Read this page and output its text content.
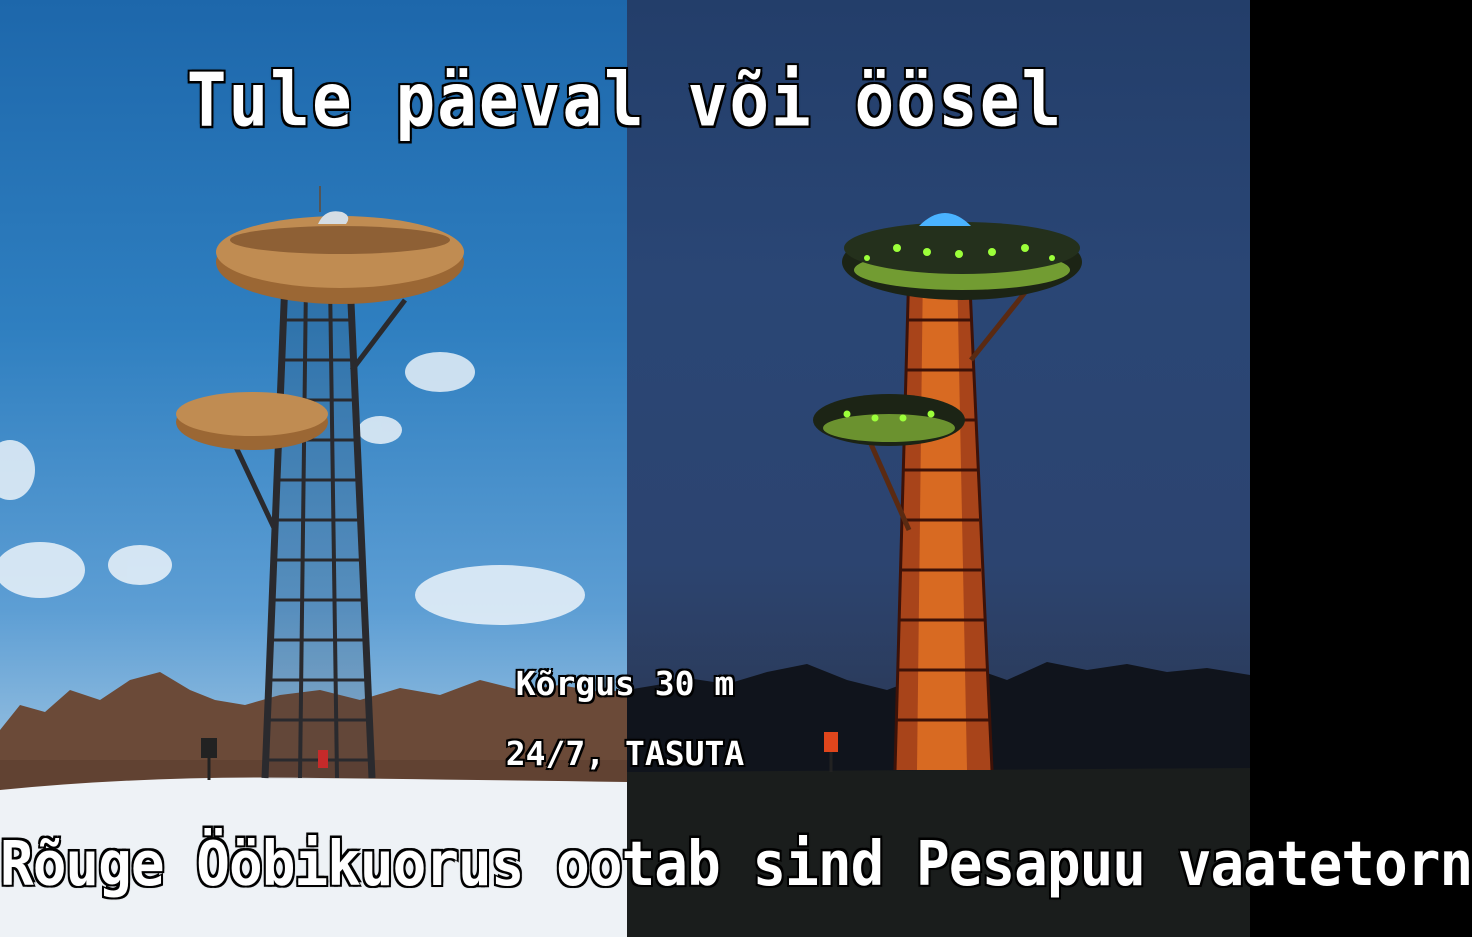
Tule päeval või öösel
Kõrgus 30 m
24/7, TASUTA
Rõuge Ööbikuorus ootab sind Pesapuu vaatetorn
